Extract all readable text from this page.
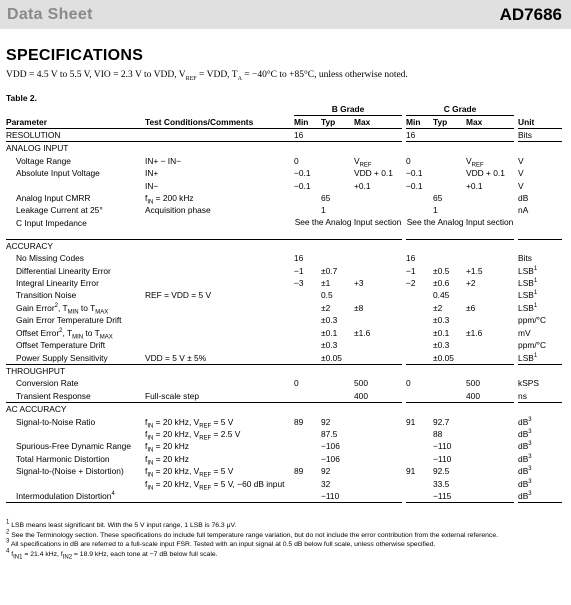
Data Sheet	AD7686
SPECIFICATIONS
VDD = 4.5 V to 5.5 V, VIO = 2.3 V to VDD, $V_{REF}$ = VDD, $T_A = -40^\circ C$ to +85°C, unless otherwise noted.
Table 2.
		B Grade				C Grade				
Parameter	Test Conditions/Comments	Min	Typ	Max		Min	Typ	Max		Unit
RESOLUTION		16				16				Bits
ANALOG INPUT										
Voltage Range	IN+ − IN−	0		$V_{REF}$		0		$V_{REF}$		V
Absolute Input Voltage	IN+	−0.1		VDD + 0.1		−0.1		VDD + 0.1		V
	IN−	−0.1		+0.1		−0.1		+0.1		V
Analog Input CMRR	$f_{IN} = 200$ kHz		65				65			dB
Leakage Current at 25°	Acquisition phase		1				1			nA
C Input Impedance		See the Analog Input section				See the Analog Input section				
ACCURACY										
No Missing Codes		16				16				Bits
Differential Linearity Error		−1	±0.7			−1	±0.5	+1.5		LSB$^1$
Integral Linearity Error		−3	±1	+3		−2	±0.6	+2		LSB$^1$
Transition Noise	REF = VDD = 5 V		0.5				0.45			LSB$^1$
Gain Error$^2$, $T_{MIN}$ to $T_{MAX}$			±2	±8			±2	±6		LSB$^1$
Gain Error Temperature Drift			±0.3				±0.3			ppm/°C
Offset Error$^2$, $T_{MIN}$ to $T_{MAX}$			±0.1	±1.6			±0.1	±1.6		mV
Offset Temperature Drift			±0.3				±0.3			ppm/°C
Power Supply Sensitivity	VDD = 5 V ± 5%		±0.05				±0.05			LSB$^1$
THROUGHPUT										
Conversion Rate		0		500		0		500		kSPS
Transient Response	Full-scale step			400				400		ns
AC ACCURACY										
Signal-to-Noise Ratio	$f_{IN} = 20$ kHz, $V_{REF} = 5$ V	89	92			91	92.7			$dB^3$
	$f_{IN} = 20$ kHz, $V_{REF} = 2.5$ V		87.5				88			$dB^3$
Spurious-Free Dynamic Range	$f_{IN} = 20$ kHz		−106				−110			$dB^3$
Total Harmonic Distortion	$f_{IN} = 20$ kHz		−106				−110			$dB^3$
Signal-to-(Noise + Distortion)	$f_{IN} = 20$ kHz, $V_{REF} = 5$ V	89	92			91	92.5			$dB^3$
	$f_{IN} = 20$ kHz, $V_{REF} = 5$ V, −60 dB input		32				33.5			$dB^3$
Intermodulation Distortion$^4$			−110				−115			$dB^3$
$^1$ LSB means least significant bit. With the 5 V input range, 1 LSB is 76.3 μV.
$^2$ See the Terminology section. These specifications do include full temperature range variation, but do not include the error contribution from the external reference.
$^3$ All specifications in dB are referred to a full-scale input FSR. Tested with an input signal at 0.5 dB below full scale, unless otherwise specified.
$^4$ $f_{IN1} = 21.4$ kHz, $f_{IN2} = 18.9$ kHz, each tone at −7 dB below full scale.
